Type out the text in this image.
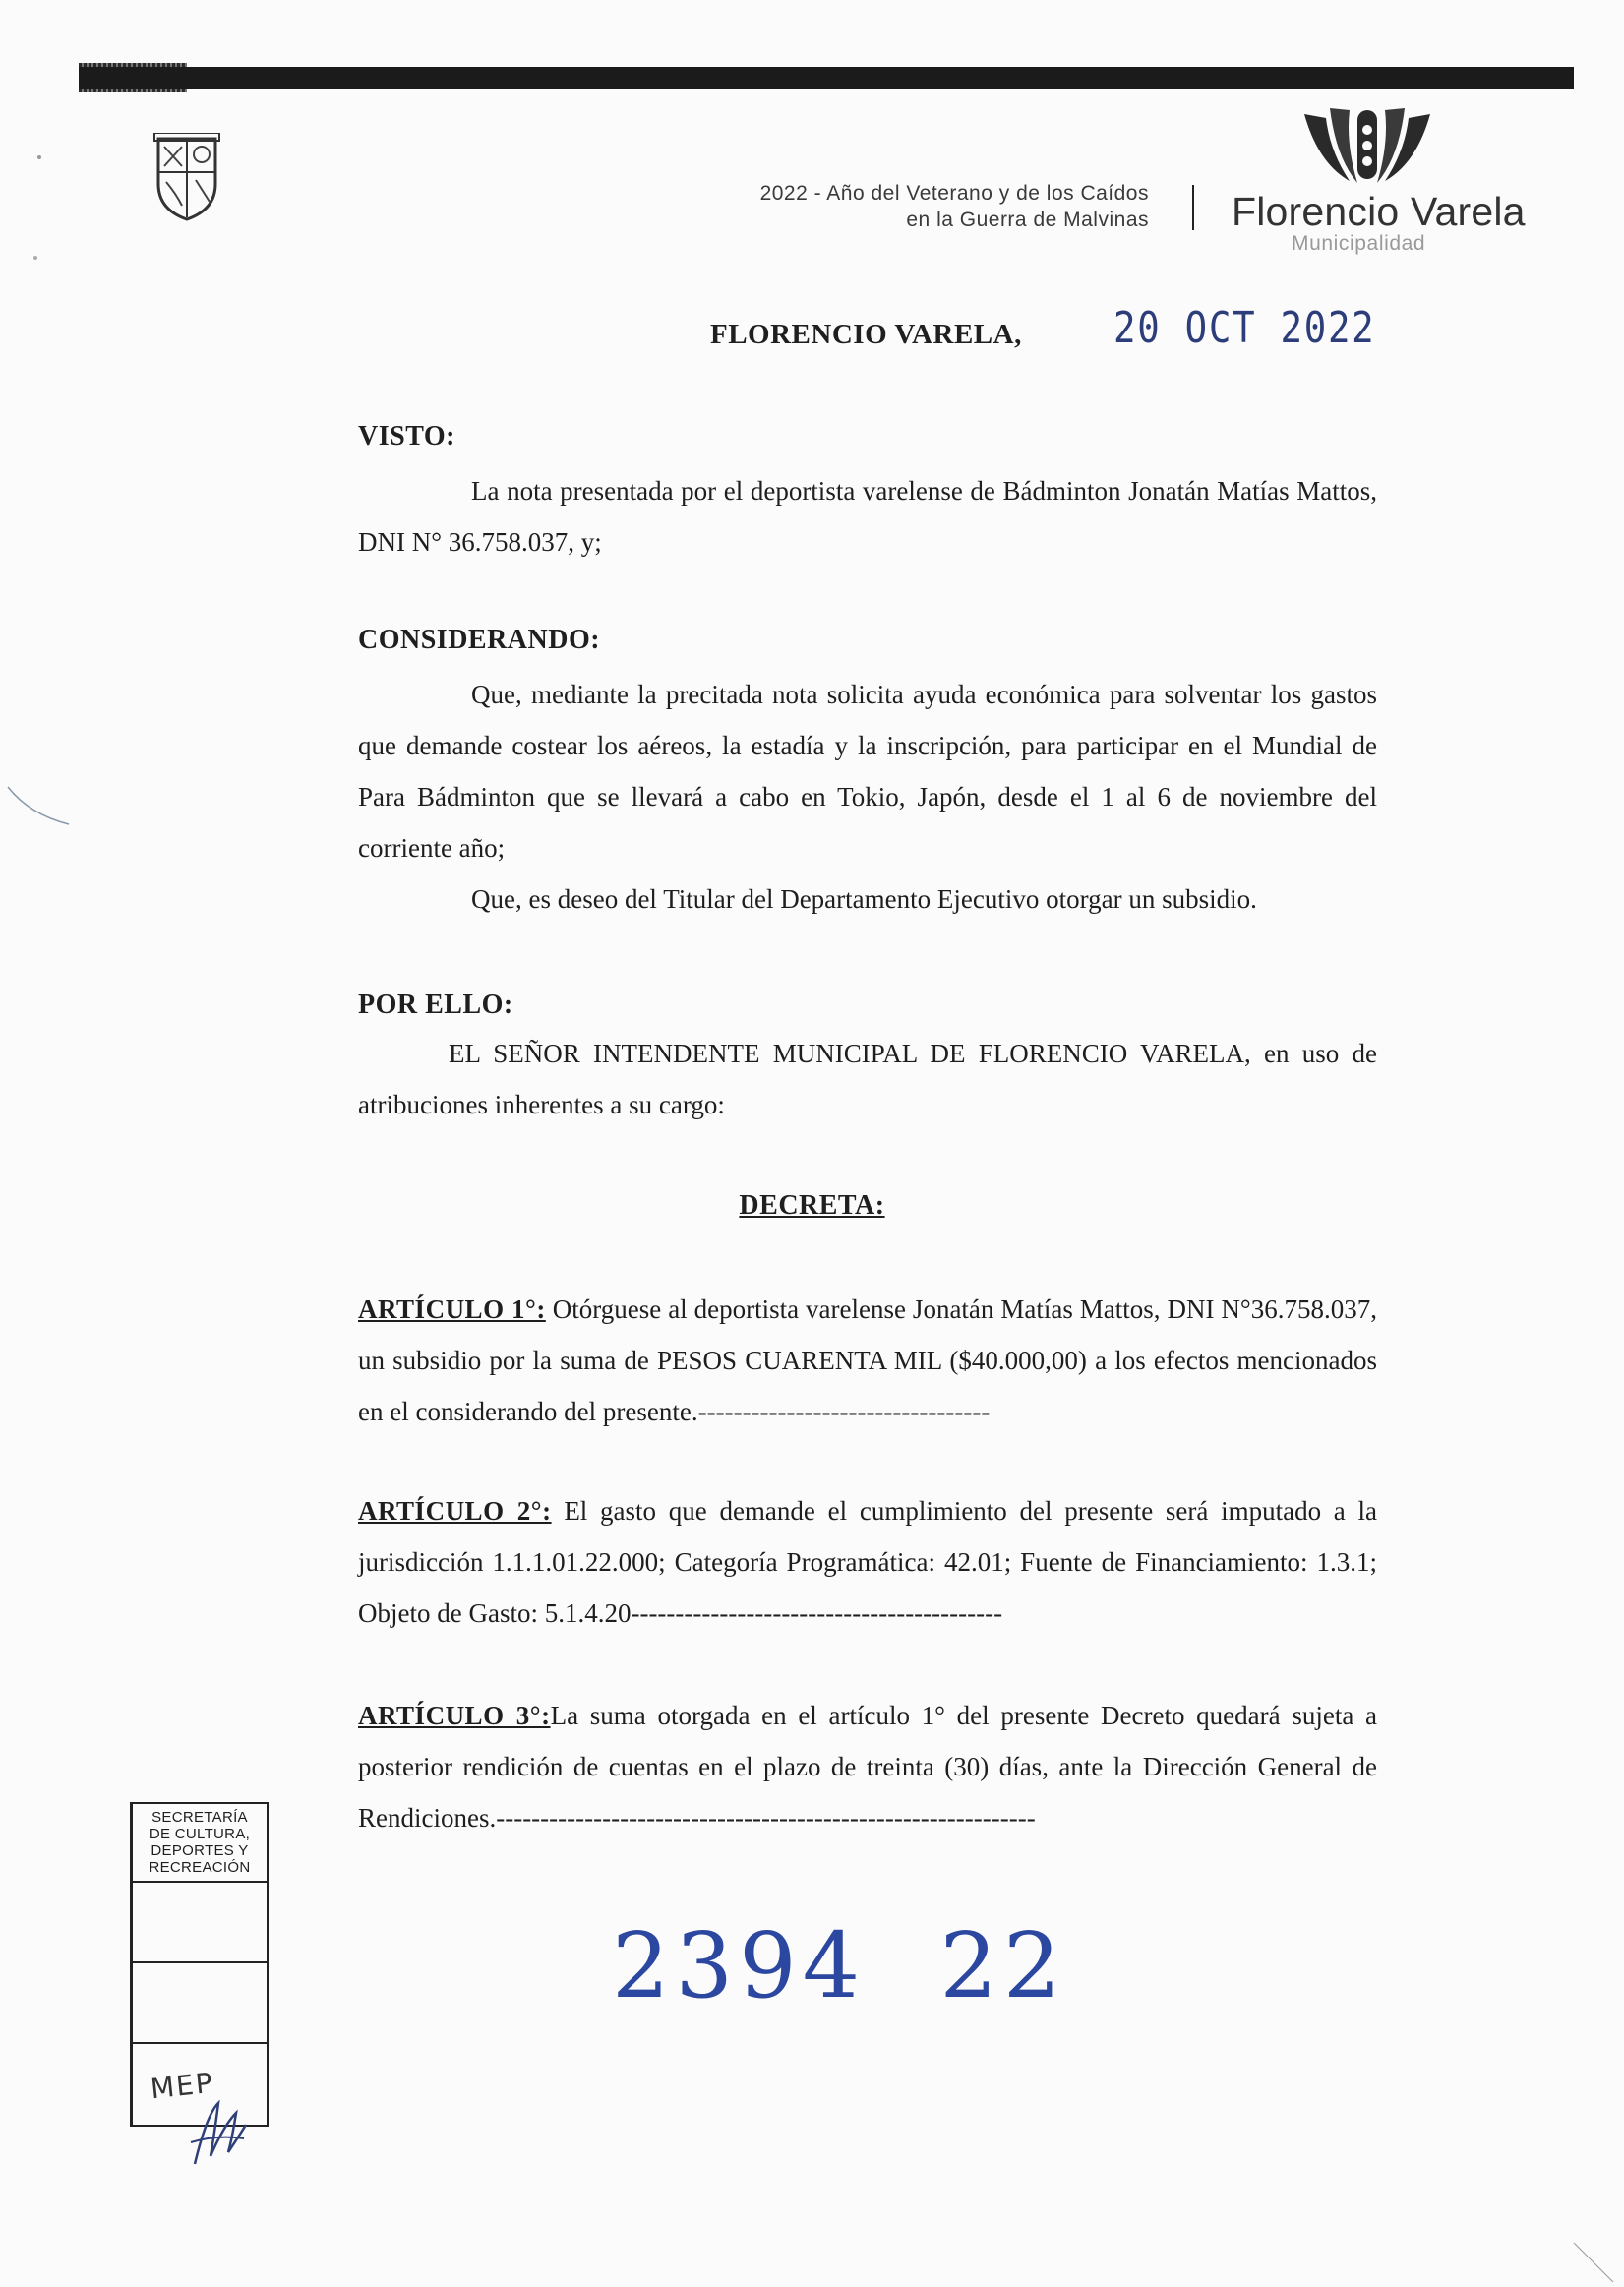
2022 - Año del Veterano y de los Caídos
en la Guerra de Malvinas Florencio Varela
Municipalidad
FLORENCIO VARELA, 20 OCT 2022
VISTO:
La nota presentada por el deportista varelense de Bádminton Jonatán Matías Mattos, DNI N° 36.758.037, y;
CONSIDERANDO:
Que, mediante la precitada nota solicita ayuda económica para solventar los gastos que demande costear los aéreos, la estadía y la inscripción, para participar en el Mundial de Para Bádminton que se llevará a cabo en Tokio, Japón, desde el 1 al 6 de noviembre del corriente año;
Que, es deseo del Titular del Departamento Ejecutivo otorgar un subsidio.
POR ELLO:
EL SEÑOR INTENDENTE MUNICIPAL DE FLORENCIO VARELA, en uso de atribuciones inherentes a su cargo:
DECRETA:
ARTÍCULO 1°: Otórguese al deportista varelense Jonatán Matías Mattos, DNI N°36.758.037, un subsidio por la suma de PESOS CUARENTA MIL ($40.000,00) a los efectos mencionados en el considerando del presente.---------------------------------
ARTÍCULO 2°: El gasto que demande el cumplimiento del presente será imputado a la jurisdicción 1.1.1.01.22.000; Categoría Programática: 42.01; Fuente de Financiamiento: 1.3.1; Objeto de Gasto: 5.1.4.20------------------------------------------
ARTÍCULO 3°:La suma otorgada en el artículo 1° del presente Decreto quedará sujeta a posterior rendición de cuentas en el plazo de treinta (30) días, ante la Dirección General de Rendiciones.-------------------------------------------------------------
SECRETARÍA
DE CULTURA,
DEPORTES Y
RECREACIÓN
MEP
2394 22
